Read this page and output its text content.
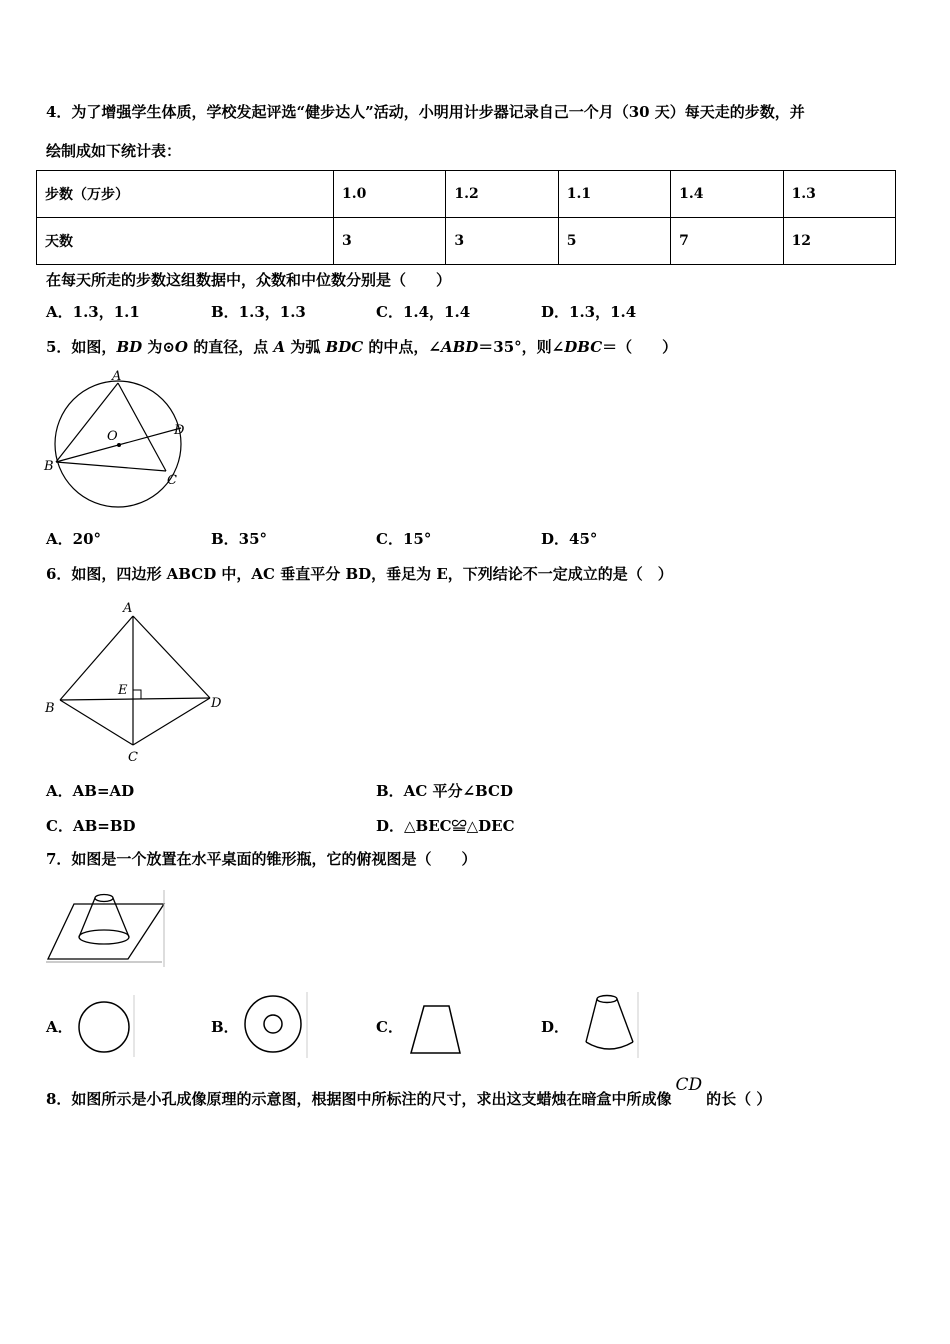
4．为了增强学生体质，学校发起评选“健步达人”活动，小明用计步器记录自己一个月（30 天）每天走的步数，并
绘制成如下统计表：
步数（万步）	1.0	1.2	1.1	1.4	1.3
天数	3	3	5	7	12
在每天所走的步数这组数据中，众数和中位数分别是（　　）
A．1.3，1.1	B．1.3，1.3	C．1.4，1.4	D．1.3，1.4
5．如图，BD 为⊙O 的直径，点 A 为弧 BDC 的中点，∠ABD＝35°，则∠DBC＝（　　）
A
O	D
B
C
A．20°	B．35°	C．15°	D．45°
6．如图，四边形 ABCD 中，AC 垂直平分 BD，垂足为 E，下列结论不一定成立的是（　）
A
B	D
E
C
A．AB=AD	B．AC 平分∠BCD
C．AB=BD	D．△BEC≌△DEC
7．如图是一个放置在水平桌面的锥形瓶，它的俯视图是（　　）
A．	B．	C．	D．
8．如图所示是小孔成像原理的示意图，根据图中所标注的尺寸，求出这支蜡烛在暗盒中所成像CD的长（ ）
